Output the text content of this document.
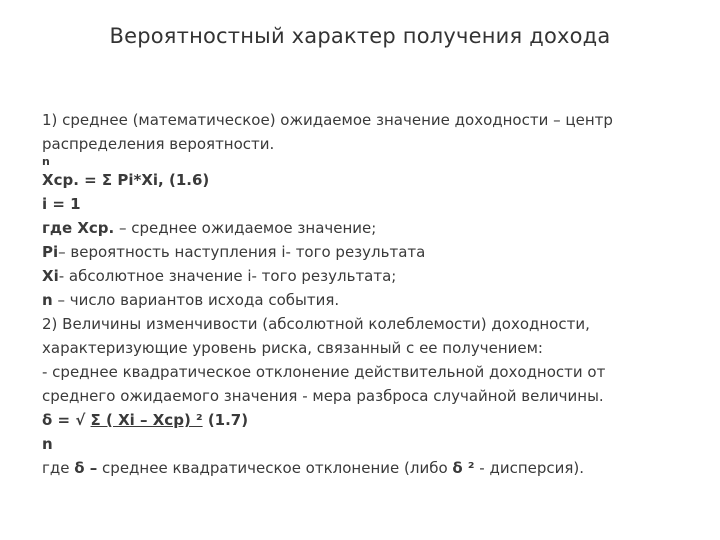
Вероятностный характер получения дохода
1) среднее (математическое) ожидаемое значение доходности – центр
распределения вероятности.
n
Xср. = Σ Pi*Xi, (1.6)
i = 1
где Xср. – среднее ожидаемое значение;
Pi– вероятность наступления i- того результата
Xi- абсолютное значение i- того результата;
n – число вариантов исхода события.
2) Величины изменчивости (абсолютной колеблемости) доходности,
характеризующие уровень риска, связанный с ее получением:
- среднее квадратическое отклонение действительной доходности от
среднего ожидаемого значения - мера разброса случайной величины.
δ = √ Σ ( Xi – Xср) ² (1.7)
n
где δ – среднее квадратическое отклонение (либо δ ² - дисперсия).
